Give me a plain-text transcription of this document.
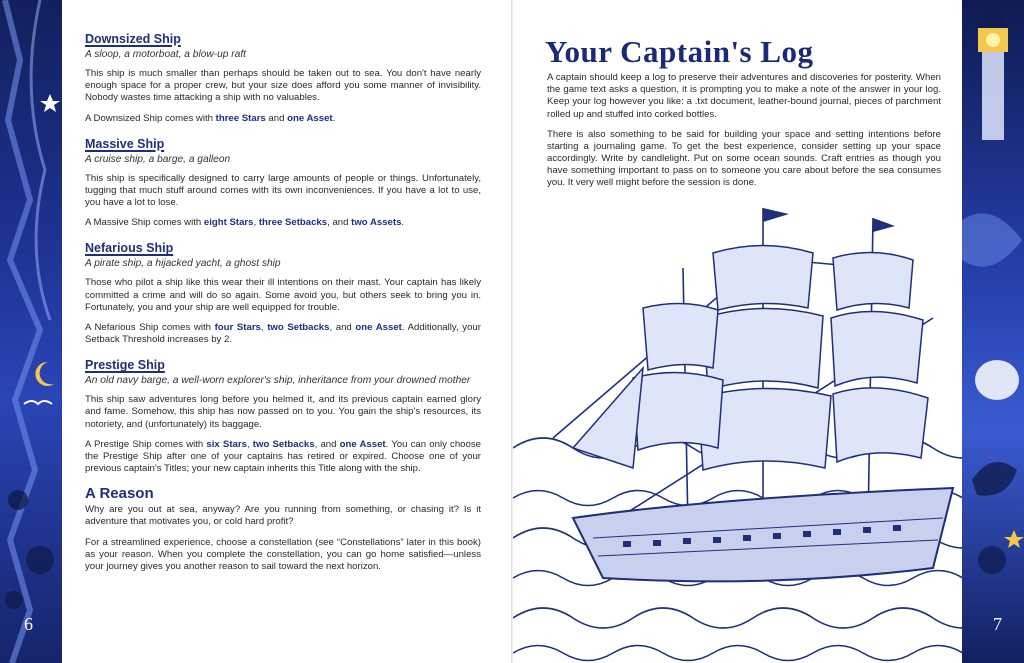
6	7
Downsized Ship
A sloop, a motorboat, a blow-up raft

This ship is much smaller than perhaps should be taken out to sea. You don't have nearly enough space for a proper crew, but your size does afford you some manner of invisibility. Nobody wastes time attacking a ship with no valuables.

A Downsized Ship comes with three Stars and one Asset.

Massive Ship
A cruise ship, a barge, a galleon

This ship is specifically designed to carry large amounts of people or things. Unfortunately, tugging that much stuff around comes with its own inconveniences. If you have a lot to use, you have a lot to lose.

A Massive Ship comes with eight Stars, three Setbacks, and two Assets.

Nefarious Ship
A pirate ship, a hijacked yacht, a ghost ship

Those who pilot a ship like this wear their ill intentions on their mast. Your captain has likely committed a crime and will do so again. Some avoid you, but others seek to bring you in. Fortunately, you and your ship are well equipped for trouble.

A Nefarious Ship comes with four Stars, two Setbacks, and one Asset. Additionally, your Setback Threshold increases by 2.

Prestige Ship
An old navy barge, a well-worn explorer's ship, inheritance from your drowned mother

This ship saw adventures long before you helmed it, and its previous captain earned glory and fame. Somehow, this ship has now passed on to you. You gain the ship's resources, its notoriety, and (unfortunately) its baggage.

A Prestige Ship comes with six Stars, two Setbacks, and one Asset. You can only choose the Prestige Ship after one of your captains has retired or expired. Choose one of your previous captain's Titles; your new captain inherits this Title along with the ship.

A Reason

Why are you out at sea, anyway? Are you running from something, or chasing it? Is it adventure that motivates you, or cold hard profit?

For a streamlined experience, choose a constellation (see “Constellations” later in this book) as your reason. When you complete the constellation, you can go home satisfied—unless your journey gives you another reason to sail toward the next horizon.

Your Captain's Log

A captain should keep a log to preserve their adventures and discoveries for posterity. When the game text asks a question, it is prompting you to make a note of the answer in your log. Keep your log however you like: a .txt document, leather-bound journal, pieces of parchment rolled up and stuffed into corked bottles.

There is also something to be said for building your space and setting intentions before starting a journaling game. To get the best experience, consider setting up your space accordingly. Write by candlelight. Put on some ocean sounds. Craft entries as though you have something important to pass on to someone you care about before the sea consumes you. It very well might before the session is done.
